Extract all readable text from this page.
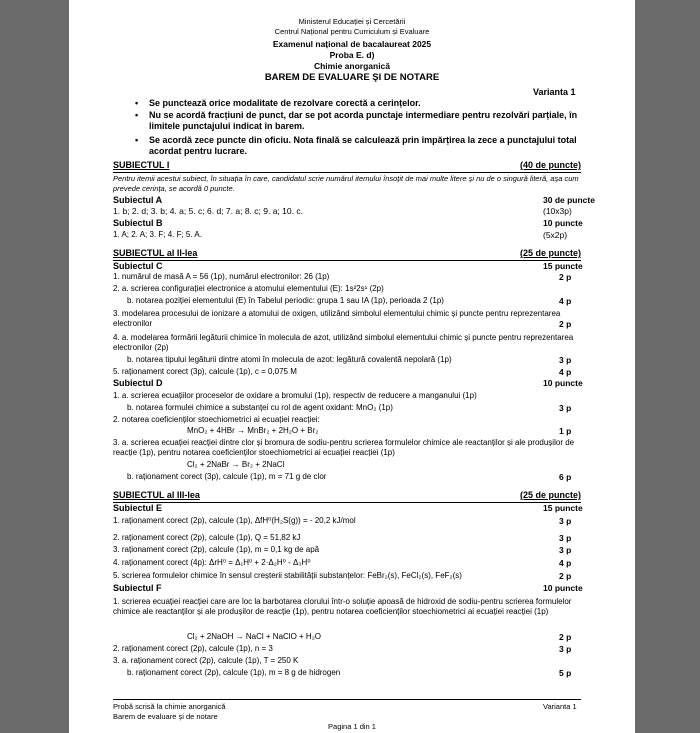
Ministerul Educației și Cercetării
Centrul Național pentru Curriculum și Evaluare
Examenul național de bacalaureat 2025
Proba E. d)
Chimie anorganică
BAREM DE EVALUARE ŞI DE NOTARE
Varianta 1
• Se punctează orice modalitate de rezolvare corectă a cerințelor.
• Nu se acordă fracțiuni de punct, dar se pot acorda punctaje intermediare pentru rezolvări parțiale, în limitele punctajului indicat în barem.
• Se acordă zece puncte din oficiu. Nota finală se calculează prin împărțirea la zece a punctajului total acordat pentru lucrare.
SUBIECTUL I	(40 de puncte)
Pentru itemii acestui subiect, în situația în care, candidatul scrie numărul itemului însoțit de mai multe litere și nu de o singură literă, așa cum prevede cerința, se acordă 0 puncte.
Subiectul A	30 de puncte
1. b; 2. d; 3. b; 4. a; 5. c; 6. d; 7. a; 8. c; 9. a; 10. c.	(10x3p)
Subiectul B	10 puncte
1. A; 2. A; 3. F; 4. F; 5. A.	(5x2p)
SUBIECTUL al II-lea	(25 de puncte)
Subiectul C	15 puncte
1. numărul de masă A = 56 (1p), numărul electronilor: 26 (1p)	2 p
2. a. scrierea configurației electronice a atomului elementului (E): 1s²2s¹ (2p)
b. notarea poziției elementului (E) în Tabelul periodic: grupa 1 sau IA (1p), perioada 2 (1p)	4 p
3. modelarea procesului de ionizare a atomului de oxigen, utilizând simbolul elementului chimic și puncte pentru reprezentarea electronilor	2 p
4. a. modelarea formării legăturii chimice în molecula de azot, utilizând simbolul elementului chimic și puncte pentru reprezentarea electronilor (2p)
b. notarea tipului legăturii dintre atomi în molecula de azot: legătură covalentă nepolară (1p)	3 p
5. raționament corect (3p), calcule (1p), c = 0,075 M	4 p
Subiectul D	10 puncte
1. a. scrierea ecuațiilor proceselor de oxidare a bromului (1p), respectiv de reducere a manganului (1p)
b. notarea formulei chimice a substanței cu rol de agent oxidant: MnO₂ (1p)	3 p
2. notarea coeficienților stoechiometrici ai ecuației reacției:
MnO₂ + 4HBr → MnBr₂ + 2H₂O + Br₂	1 p
3. a. scrierea ecuației reacției dintre clor și bromura de sodiu-pentru scrierea formulelor chimice ale reactanților și ale produșilor de reacție (1p), pentru notarea coeficienților stoechiometrici ai ecuației reacției (1p)
Cl₂ + 2NaBr → Br₂ + 2NaCl
b. raționament corect (3p), calcule (1p), m = 71 g de clor	6 p
SUBIECTUL al III-lea	(25 de puncte)
Subiectul E	15 puncte
1. raționament corect (2p), calcule (1p), ΔfH⁰(H₂S(g)) = - 20,2 kJ/mol	3 p
2. raționament corect (2p), calcule (1p), Q = 51,82 kJ	3 p
3. raționament corect (2p), calcule (1p), m = 0,1 kg de apă	3 p
4. raționament corect (4p): ΔrH⁰ = Δ₁H⁰ + 2·Δ₂H⁰ - Δ₃H⁰	4 p
5. scrierea formulelor chimice în sensul creșterii stabilității substanțelor: FeBr₂(s), FeCl₂(s), FeF₂(s)	2 p
Subiectul F	10 puncte
1. scrierea ecuației reacției care are loc la barbotarea clorului într-o soluție apoasă de hidroxid de sodiu-pentru scrierea formulelor chimice ale reactanților și ale produșilor de reacție (1p), pentru notarea coeficienților stoechiometrici ai ecuației reacției (1p)
Cl₂ + 2NaOH → NaCl + NaClO + H₂O	2 p
2. raționament corect (2p), calcule (1p), n = 3	3 p
3. a. raționament corect (2p), calcule (1p), T = 250 K
b. raționament corect (2p), calcule (1p), m = 8 g de hidrogen	5 p
Probă scrisă la chimie anorganică
Barem de evaluare și de notare
Varianta 1
Pagina 1 din 1
